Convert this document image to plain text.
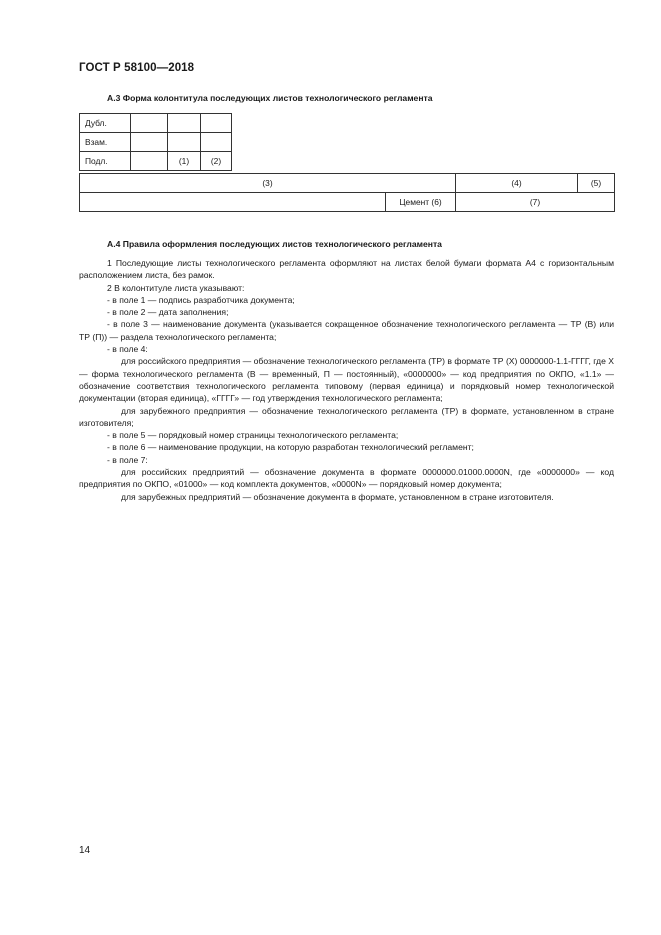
ГОСТ Р 58100—2018
А.3 Форма колонтитула последующих листов технологического регламента
Дубл.			
Взам.			
Подл.		(1)	(2)
(3)		(4)	(5)
	Цемент (6)	(7)	
А.4 Правила оформления последующих листов технологического регламента

1 Последующие листы технологического регламента оформляют на листах белой бумаги формата А4 с горизонтальным расположением листа, без рамок.

2 В колонтитуле листа указывают:

- в поле 1 — подпись разработчика документа;

- в поле 2 — дата заполнения;

- в поле 3 — наименование документа (указывается сокращенное обозначение технологического регламента — ТР (В) или ТР (П)) — раздела технологического регламента;

- в поле 4:

для российского предприятия — обозначение технологического регламента (ТР) в формате ТР (Х) 0000000-1.1-ГГГГ, где Х — форма технологического регламента (В — временный, П — постоянный), «0000000» — код предприятия по ОКПО, «1.1» — обозначение соответствия технологического регламента типовому (первая единица) и порядковый номер технологической документации (вторая единица), «ГГГГ» — год утверждения технологического регламента;

для зарубежного предприятия — обозначение технологического регламента (ТР) в формате, установленном в стране изготовителя;

- в поле 5 — порядковый номер страницы технологического регламента;

- в поле 6 — наименование продукции, на которую разработан технологический регламент;

- в поле 7:

для российских предприятий — обозначение документа в формате 0000000.01000.0000N, где «0000000» — код предприятия по ОКПО, «01000» — код комплекта документов, «0000N» — порядковый номер документа;

для зарубежных предприятий — обозначение документа в формате, установленном в стране изготовителя.

14
